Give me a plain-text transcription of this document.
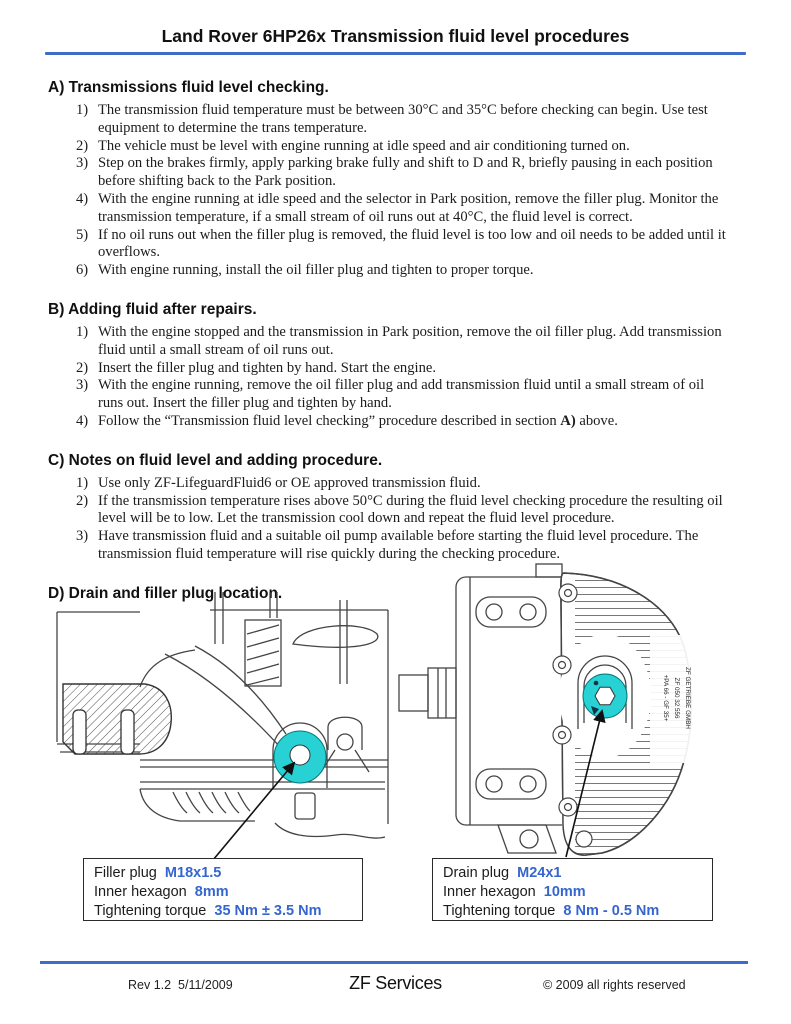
Land Rover 6HP26x Transmission fluid level procedures
A) Transmissions fluid level checking.
The transmission fluid temperature must be between 30°C and 35°C before checking can begin. Use test equipment to determine the trans temperature.
The vehicle must be level with engine running at idle speed and air conditioning turned on.
Step on the brakes firmly, apply parking brake fully and shift to D and R, briefly pausing in each position before shifting back to the Park position.
With the engine running at idle speed and the selector in Park position, remove the filler plug. Monitor the transmission temperature, if a small stream of oil runs out at 40°C, the fluid level is correct.
If no oil runs out when the filler plug is removed, the fluid level is too low and oil needs to be added until it overflows.
With engine running, install the oil filler plug and tighten to proper torque.
B) Adding fluid after repairs.
With the engine stopped and the transmission in Park position, remove the oil filler plug. Add transmission fluid until a small stream of oil runs out.
Insert the filler plug and tighten by hand. Start the engine.
With the engine running, remove the oil filler plug and add transmission fluid until a small stream of oil runs out. Insert the filler plug and tighten by hand.
Follow the “Transmission fluid level checking” procedure described in section A) above.
C) Notes on fluid level and adding procedure.
Use only ZF-LifeguardFluid6 or OE approved transmission fluid.
If the transmission temperature rises above 50°C during the fluid level checking procedure the resulting oil level will be to low. Let the transmission cool down and repeat the fluid level procedure.
Have transmission fluid and a suitable oil pump available before starting the fluid level procedure. The transmission fluid temperature will rise quickly during the checking procedure.
D) Drain and filler plug location.
ZF GETRIEBE GMBH
ZF 050 32 556
+PA 66 - GF 35+
Filler plug M18x1.5
Inner hexagon 8mm
Tightening torque 35 Nm ± 3.5 Nm
Drain plug M24x1
Inner hexagon 10mm
Tightening torque 8 Nm - 0.5 Nm
Rev 1.2  5/11/2009	ZF Services	© 2009 all rights reserved
